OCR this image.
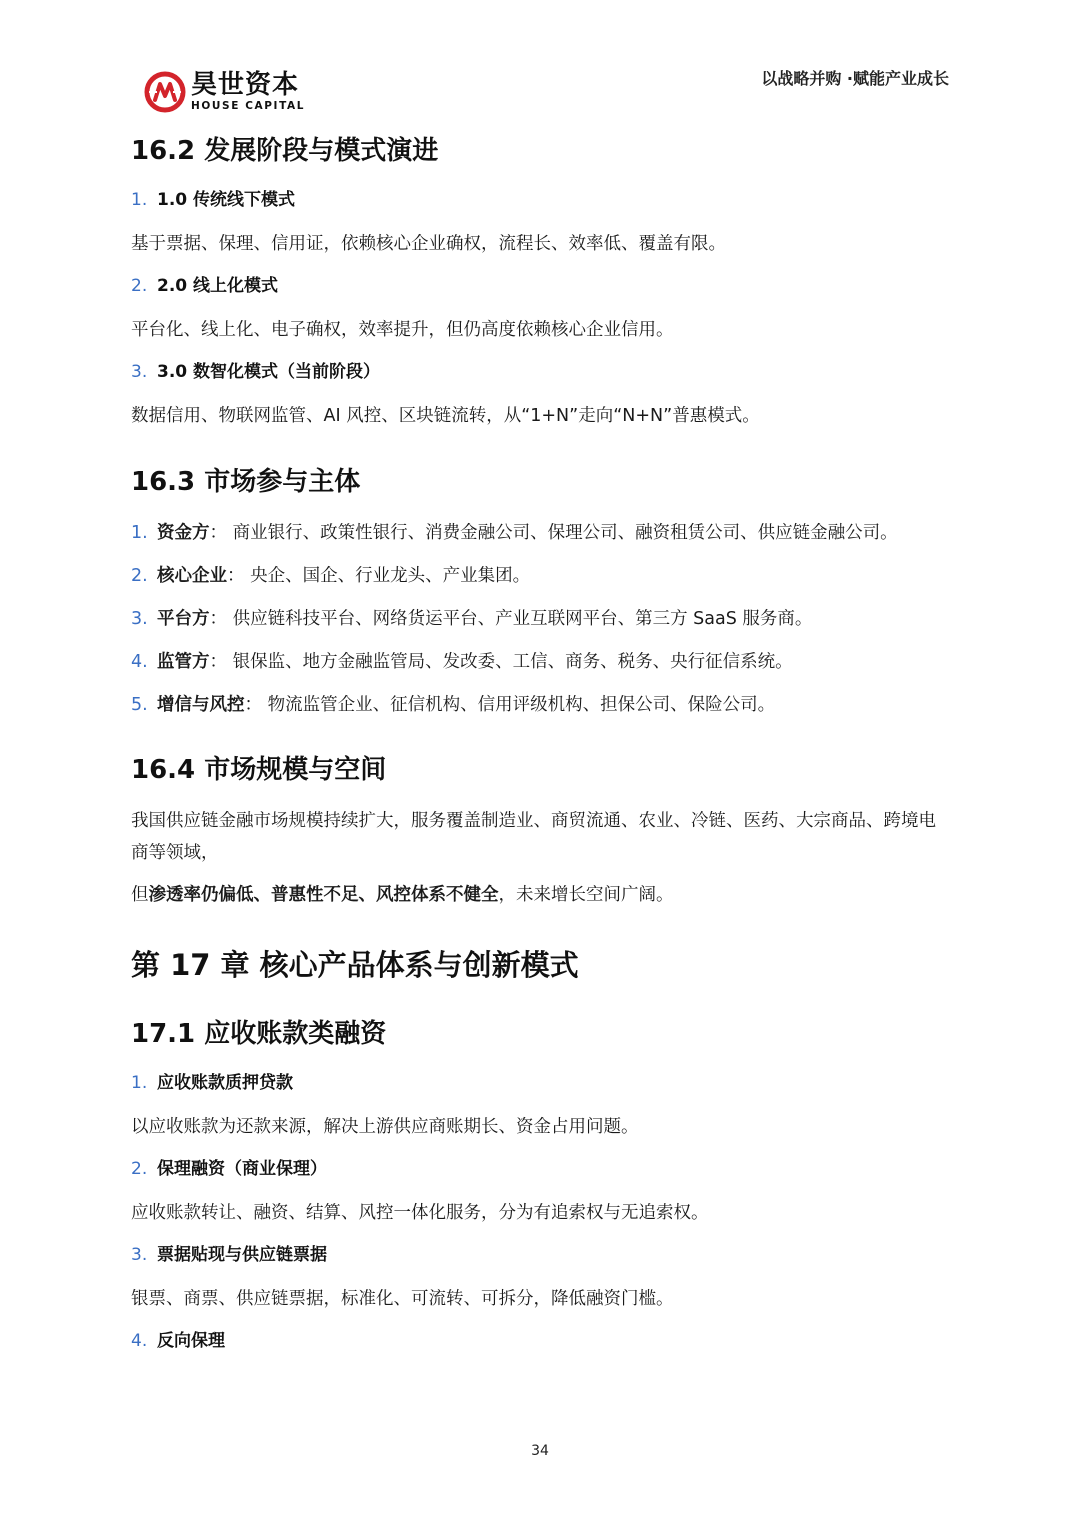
昊世资本
HOUSE CAPITAL
以战略并购 ·赋能产业成长
16.2 发展阶段与模式演进
1. 1.0 传统线下模式

基于票据、保理、信用证，依赖核心企业确权，流程长、效率低、覆盖有限。

2. 2.0 线上化模式

平台化、线上化、电子确权，效率提升，但仍高度依赖核心企业信用。

3. 3.0 数智化模式（当前阶段）

数据信用、物联网监管、AI 风控、区块链流转，从“1+N”走向“N+N”普惠模式。

16.3 市场参与主体
1. 资金方： 商业银行、政策性银行、消费金融公司、保理公司、融资租赁公司、供应链金融公司。
2. 核心企业： 央企、国企、行业龙头、产业集团。
3. 平台方： 供应链科技平台、网络货运平台、产业互联网平台、第三方 SaaS 服务商。
4. 监管方： 银保监、地方金融监管局、发改委、工信、商务、税务、央行征信系统。
5. 增信与风控： 物流监管企业、征信机构、信用评级机构、担保公司、保险公司。
16.4 市场规模与空间

我国供应链金融市场规模持续扩大，服务覆盖制造业、商贸流通、农业、冷链、医药、大宗商品、跨境电商等领域，

但渗透率仍偏低、普惠性不足、风控体系不健全，未来增长空间广阔。

第 17 章 核心产品体系与创新模式
17.1 应收账款类融资
1. 应收账款质押贷款

以应收账款为还款来源，解决上游供应商账期长、资金占用问题。

2. 保理融资（商业保理）

应收账款转让、融资、结算、风控一体化服务，分为有追索权与无追索权。

3. 票据贴现与供应链票据

银票、商票、供应链票据，标准化、可流转、可拆分，降低融资门槛。

4. 反向保理
34
